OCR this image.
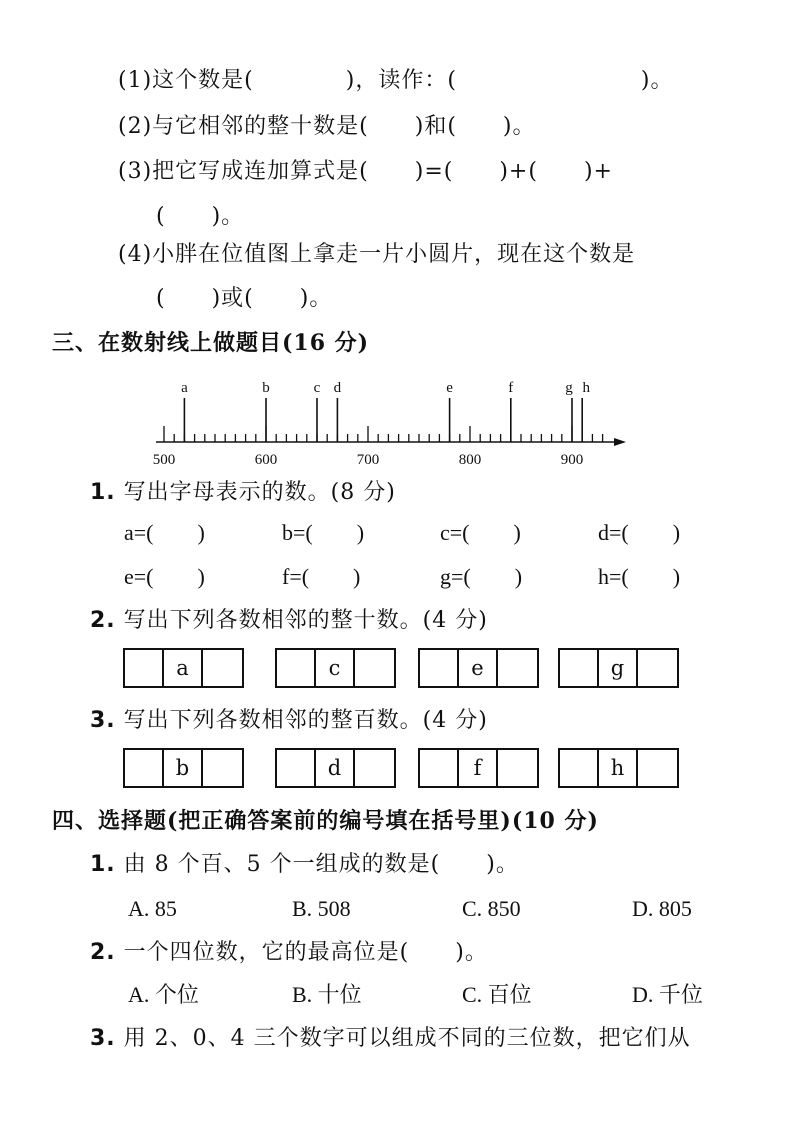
(1)这个数是(　　　　)，读作：(　　　　　　　　)。
(2)与它相邻的整十数是(　　)和(　　)。
(3)把它写成连加算式是(　　)=(　　)+(　　)+
(　　)。
(4)小胖在位值图上拿走一片小圆片，现在这个数是
(　　)或(　　)。
三、在数射线上做题目(16 分)
500	600	700	800	900
a	b	c d	e	f	g h
1. 写出字母表示的数。(8 分)
a=(　　)	b=(　　)	c=(　　)	d=(　　)
e=(　　)	f=(　　)	g=(　　)	h=(　　)
2. 写出下列各数相邻的整十数。(4 分)
a	c	e	g
3. 写出下列各数相邻的整百数。(4 分)
b	d	f	h
四、选择题(把正确答案前的编号填在括号里)(10 分)
1. 由 8 个百、5 个一组成的数是(　　)。
A. 85	B. 508	C. 850	D. 805
2. 一个四位数，它的最高位是(　　)。
A. 个位	B. 十位	C. 百位	D. 千位
3. 用 2、0、4 三个数字可以组成不同的三位数，把它们从
